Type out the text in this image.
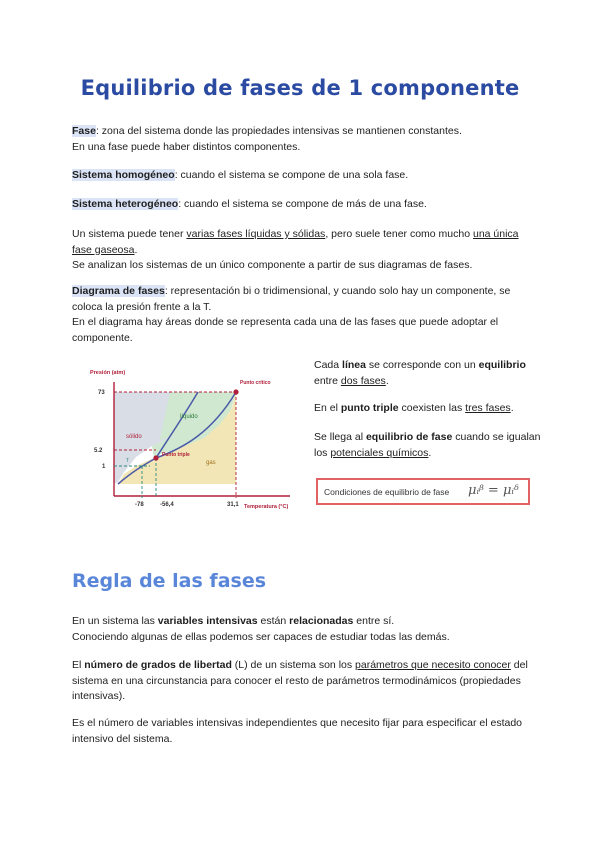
Equilibrio de fases de 1 componente
Fase: zona del sistema donde las propiedades intensivas se mantienen constantes.
En una fase puede haber distintos componentes.
Sistema homogéneo: cuando el sistema se compone de una sola fase.
Sistema heterogéneo: cuando el sistema se compone de más de una fase.
Un sistema puede tener varias fases líquidas y sólidas, pero suele tener como mucho una única fase gaseosa.
Se analizan los sistemas de un único componente a partir de sus diagramas de fases.
Diagrama de fases: representación bi o tridimensional, y cuando solo hay un componente, se coloca la presión frente a la T.
En el diagrama hay áreas donde se representa cada una de las fases que puede adoptar el componente.
Presión (atm)
Temperatura (°C)
73
5.2
1
-78	-56,4	31,1
sólido
líquido
gas
Punto crítico
Punto triple
T
Cada línea se corresponde con un equilibrio entre dos fases.
En el punto triple coexisten las tres fases.
Se llega al equilibrio de fase cuando se igualan los potenciales químicos.
Condiciones de equilibrio de fase μᵢᵝ = μᵢᵟ
Regla de las fases
En un sistema las variables intensivas están relacionadas entre sí.
Conociendo algunas de ellas podemos ser capaces de estudiar todas las demás.
El número de grados de libertad (L) de un sistema son los parámetros que necesito conocer del sistema en una circunstancia para conocer el resto de parámetros termodinámicos (propiedades intensivas).
Es el número de variables intensivas independientes que necesito fijar para especificar el estado intensivo del sistema.
